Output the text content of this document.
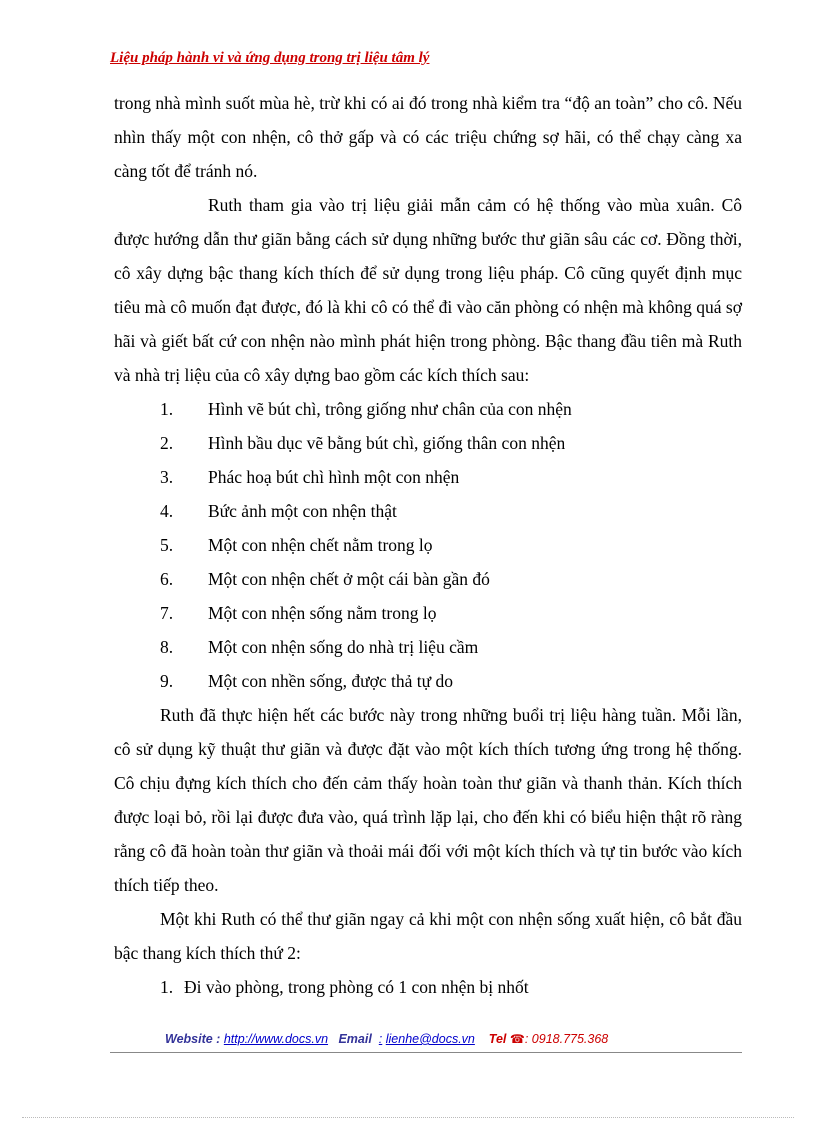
Liệu pháp hành vi và ứng dụng trong trị liệu tâm lý

trong nhà mình suốt mùa hè, trừ khi có ai đó trong nhà kiểm tra “độ an toàn” cho cô. Nếu nhìn thấy một con nhện, cô thở gấp và có các triệu chứng sợ hãi, có thể chạy càng xa càng tốt để tránh nó.

Ruth tham gia vào trị liệu giải mẫn cảm có hệ thống vào mùa xuân. Cô được hướng dẫn thư giãn bằng cách sử dụng những bước thư giãn sâu các cơ. Đồng thời, cô xây dựng bậc thang kích thích để sử dụng trong liệu pháp. Cô cũng quyết định mục tiêu mà cô muốn đạt được, đó là khi cô có thể đi vào căn phòng có nhện mà không quá sợ hãi và giết bất cứ con nhện nào mình phát hiện trong phòng. Bậc thang đầu tiên mà Ruth và nhà trị liệu của cô xây dựng bao gồm các kích thích sau:

1.	Hình vẽ bút chì, trông giống như chân của con nhện
2.	Hình bầu dục vẽ bằng bút chì, giống thân con nhện
3.	Phác hoạ bút chì hình một con nhện
4.	Bức ảnh một con nhện thật
5.	Một con nhện chết nằm trong lọ
6.	Một con nhện chết ở một cái bàn gần đó
7.	Một con nhện sống nằm trong lọ
8.	Một con nhện sống do nhà trị liệu cầm
9.	Một con nhền sống, được thả tự do

Ruth đã thực hiện hết các bước này trong những buổi trị liệu hàng tuần. Mỗi lần, cô sử dụng kỹ thuật thư giãn và được đặt vào một kích thích tương ứng trong hệ thống. Cô chịu đựng kích thích cho đến cảm thấy hoàn toàn thư giãn và thanh thản. Kích thích được loại bỏ, rồi lại được đưa vào, quá trình lặp lại, cho đến khi có biểu hiện thật rõ ràng rằng cô đã hoàn toàn thư giãn và thoải mái đối với một kích thích và tự tin bước vào kích thích tiếp theo.

Một khi Ruth có thể thư giãn ngay cả khi một con nhện sống xuất hiện, cô bắt đầu bậc thang kích thích thứ 2:

1. Đi vào phòng, trong phòng có 1 con nhện bị nhốt
Website : http://www.docs.vn Email : lienhe@docs.vn Tel ☎: 0918.775.368
